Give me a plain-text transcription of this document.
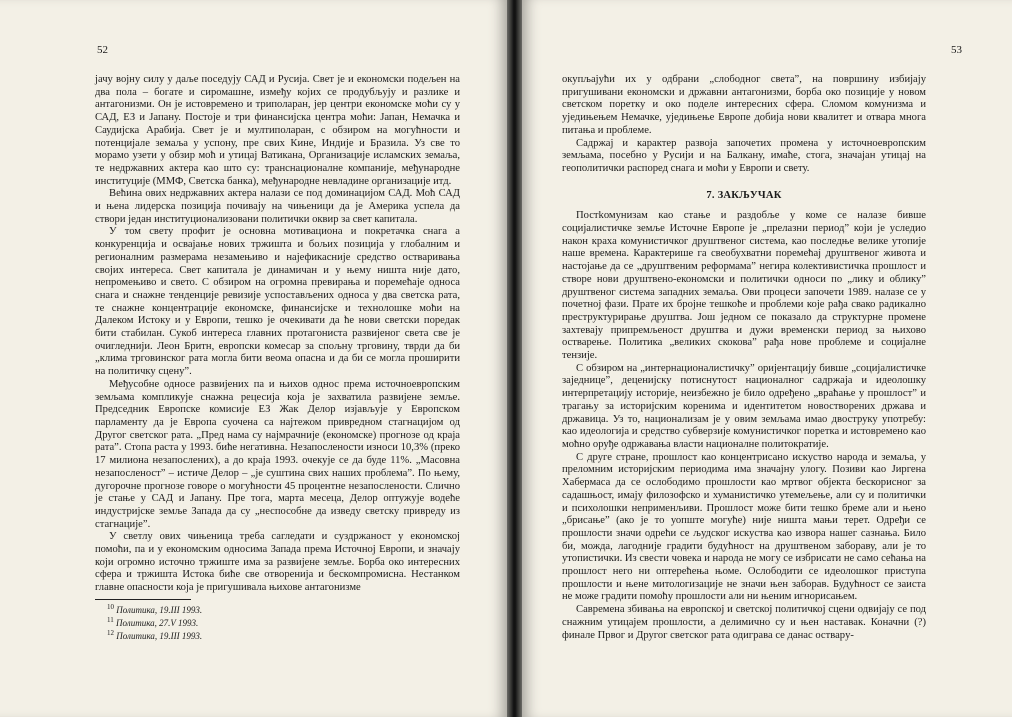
52

јачу војну силу у даље поседују САД и Русија. Свет је и економски подељен на два пола – богате и сиромашне, између којих се продубљују и разлике и антагонизми. Он је истовремено и триполаран, јер центри економске моћи су у САД, ЕЗ и Јапану. Постоје и три финансијска центра моћи: Јапан, Немачка и Саудијска Арабија. Свет је и мултиполаран, с обзиром на могућности и потенцијале земаља у успону, пре свих Кине, Индије и Бразила. Уз све то морамо узети у обзир моћ и утицај Ватикана, Организације исламских земаља, те недржавних актера као што су: транснационалне компаније, међународне институције (ММФ, Светска банка), међународне невладине организације итд.

Већина ових недржавних актера налази се под доминацијом САД. Моћ САД и њена лидерска позиција почивају на чињеници да је Америка успела да створи један институционализовани политички оквир за свет капитала.

У том свету профит је основна мотивациона и покретачка снага а конкуренција и освајање нових тржишта и бољих позиција у глобалним и регионалним размерама незамењиво и најефикасније средство остваривања својих интереса. Свет капитала је динамичан и у њему ништа није дато, непромењиво и свето. С обзиром на огромна превирања и поремећаје односа снага и снажне тенденције ревизије успостављених односа у два светска рата, те снажне концентрације економске, финансијске и технолошке моћи на Далеком Истоку и у Европи, тешко је очекивати да ће нови светски поредак бити стабилан. Сукоб интереса главних протагониста развијеног света све је очигледнији. Леон Бритн, европски комесар за спољну трговину, тврди да би „клима трговинског рата могла бити веома опасна и да би се могла проширити на политичку сцену”.

Међусобне односе развијених па и њихов однос према источноевропским земљама компликује снажна рецесија која је захватила развијене земље. Председник Европске комисије ЕЗ Жак Делор изјављује у Европском парламенту да је Европа суочена са најтежом привредном стагнацијом од Другог светског рата. „Пред нама су најмрачније (економске) прогнозе од краја рата”. Стопа раста у 1993. биће негативна. Незапослености износи 10,3% (преко 17 милиона незапослених), а до краја 1993. очекује се да буде 11%. „Масовна незапосленост” – истиче Делор – „је суштина свих наших проблема”. По њему, дугорочне прогнозе говоре о могућности 45 процентне незапослености. Слично је стање у САД и Јапану. Пре тога, марта месеца, Делор оптужује водеће индустријске земље Запада да су „неспособне да изведу светску привреду из стагнације”.

У светлу ових чињеница треба сагледати и суздржаност у економској помоћи, па и у економским односима Запада према Источној Европи, и значају који огромно источно тржиште има за развијене земље. Борба око интересних сфера и тржишта Истока биће све отворенија и бескомпромисна. Нестанком главне опасности која је пригушивала њихове антагонизме

$^{10}$ Политика, 19.III 1993.

$^{11}$ Политика, 27.V 1993.

$^{12}$ Политика, 19.III 1993.

53

окупљајући их у одбрани „слободног света”, на површину избијају пригушивани економски и државни антагонизми, борба око позиције у новом светском поретку и око поделе интересних сфера. Сломом комунизма и уједињењем Немачке, уједињење Европе добија нови квалитет и отвара многа питања и проблеме.

Садржај и карактер развоја започетих промена у источноевропским земљама, посебно у Русији и на Балкану, имаће, стога, значајан утицај на геополитички распоред снага и моћи у Европи и свету.

7. ЗАКЉУЧАК

Постkомунизам као стање и раздобље у коме се налазе бивше социјалистичке земље Источне Европе је „прелазни период” који је уследио након краха комунистичког друштвеног система, као последње велике утопије наше времена. Карактерише га свеобухватни поремећај друштвеног живота и настојање да се „друштвеним реформама” негира колективистичка прошлост и створе нови друштвено-економски и политички односи по „лику и облику” друштвеног система западних земаља. Ови процеси започети 1989. налазе се у почетној фази. Прате их бројне тешкоће и проблеми које рађа свако радикално преструктурирање друштва. Још једном се показало да структурне промене захтевају припремљеност друштва и дужи временски период за њихово остварење. Политика „великих скокова” рађа нове проблеме и социјалне тензије.

С обзиром на „интернационалистичку” оријентацију бивше „социјалистичке заједнице”, деценијску потиснутост националног садржаја и идеолошку интерпретацију историје, неизбежно је било одређено „враћање у прошлост” и трагању за историјским коренима и идентитетом новостворених држава и државица. Уз то, национализам је у овим земљама имао двоструку употребу: као идеологија и средство субверзије комунистичког поретка и истовремено као моћно оруђе одржавања власти националне политократије.

С друге стране, прошлост као концентрисано искуство народа и земаља, у преломним историјским периодима има значајну улогу. Позиви као Јиргена Хабермаса да се ослободимо прошлости као мртвог објекта бескорисног за садашњост, имају филозофско и хуманистичко утемељење, али су и политички и психолошки неприменљиви. Прошлост може бити тешко бреме али и њено „брисање” (ако је то уопште могуће) није ништа мањи терет. Одређи се прошлости значи одрећи се људског искуства као извора нашег сазнања. Било би, можда, лагодније градити будућност на друштвеном забораву, али је то утопистички. Из свести човека и народа не могу се избрисати не само сећања на прошлост него ни оптерећења њоме. Ослободити се идеолошког приступа прошлости и њене митологизације не значи њен заборав. Будућност се заиста не може градити помоћу прошлости али ни њеним игнорисањем.

Савремена збивања на европској и светској политичкој сцени одвијају се под снажним утицајем прошлости, а делимично су и њен наставак. Коначни (?) финале Првог и Другог светског рата одиграва се данас остварy-
